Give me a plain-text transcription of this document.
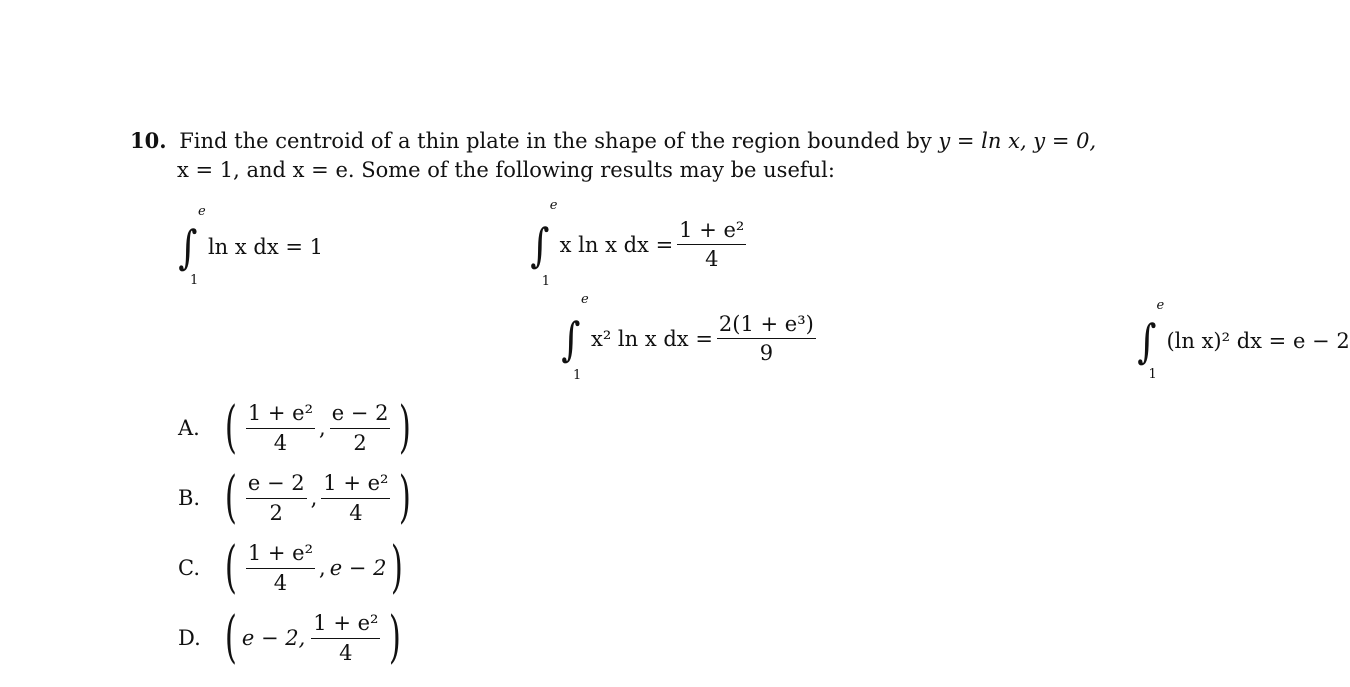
10. Find the centroid of a thin plate in the shape of the region bounded by y = ln x, y = 0,
x = 1, and x = e. Some of the following results may be useful:
∫
e
1
ln x dx = 1
	∫
e
1
x ln x dx = $\frac{\text{1 + e²}}{4}$

∫
e
1
x² ln x dx = $\frac{\text{2(1 + e³)}}{9}$
	∫
e
1
(ln x)² dx = e − 2
A. ( $\frac{\text{1 + e²}}{4}$ , $\frac{e - 2}{2}$ )
B. ( $\frac{e - 2}{2}$ , $\frac{\text{1 + e²}}{4}$ )
C. ( $\frac{\text{1 + e²}}{4}$ , e − 2 )
D. ( e − 2, $\frac{\text{1 + e²}}{4}$ )
